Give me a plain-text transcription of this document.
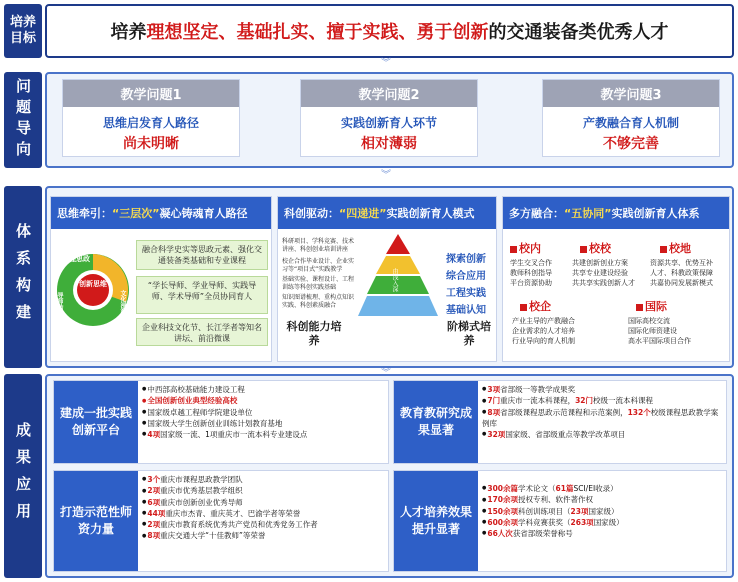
培养目标
问题导向
体系构建
成果应用
培养 理想坚定、基础扎实、擅于实践、勇于创新 的交通装备类优秀人才
︾
教学问题1
思维启发育人路径
尚未明晰
教学问题2
实践创新育人环节
相对薄弱
教学问题3
产教融合育人机制
不够完善
︾
思维牵引： “三层次” 凝心铸魂育人路径
创新思维
课程思政
导师助力	文化浸润
融合科学史实等思政元素、强化交通装备类基础和专业课程
“学长导师、学业导师、实践导师、学术导师”全员协同育人
企业科技文化节、长江学者等知名讲坛、前沿微课
科创驱动： “四递进” 实践创新育人模式
科研项目、学科竞赛、技术讲座、科创创业培训讲座
校企合作毕业设计、企业实习等“项目式”实践教学
基础实验、课程设计、工程训练等科创实践基础
知识图谱梳理、重构点知识实践、科创素质融合
由浅入深
探索创新
综合应用
工程实践
基础认知
科创能力培养
阶梯式培养
多方融合： “五协同” 实践创新育人体系
校内
学生交叉合作
教师科创指导
平台资源协助
校校
共建创新创业方案
共享专业建设经验
共共享实践创新人才
校地
资源共享、优势互补
人才、科教政策保障
共嘉协同发展新模式
校企
产业主导的产教融合
企业需求的人才培养
行业导向的育人机制
国际
国际高校交流
国际化师资建设
高水平国际项目合作
建成一批实践创新平台
● 中西部高校基础能力建设工程
● 全国创新创业典型经验高校
● 国家级卓越工程师学院建设单位
● 国家级大学生创新创业训练计划教育基地
● 4项国家级一流、1项重庆市一流本科专业建设点
教育教研究成果显著
● 3项省部级一等教学成果奖
● 7门重庆市一流本科课程，32门校级一流本科课程
● 8项省部级课程思政示范课程和示范案例，132个校级课程思政教学案例库
● 32项国家级、省部级重点等教学改革项目
打造示范性师资力量
● 3个重庆市课程思政教学团队
● 2项重庆市优秀基层教学组织
● 6项重庆市创新创业优秀导师
● 44项重庆市杰青、重庆英才、巴渝学者等荣誉
● 2项重庆市教育系统优秀共产党员和优秀党务工作者
● 8项重庆交通大学“十佳教师”等荣誉
人才培养效果提升显著
● 300余篇学术论文（61篇SCI/EI收录）
● 170余项授权专利、软件著作权
● 150余项科创训练项目（23项国家级）
● 600余项学科竞赛获奖（263项国家级）
● 66人次获省部级荣誉称号
